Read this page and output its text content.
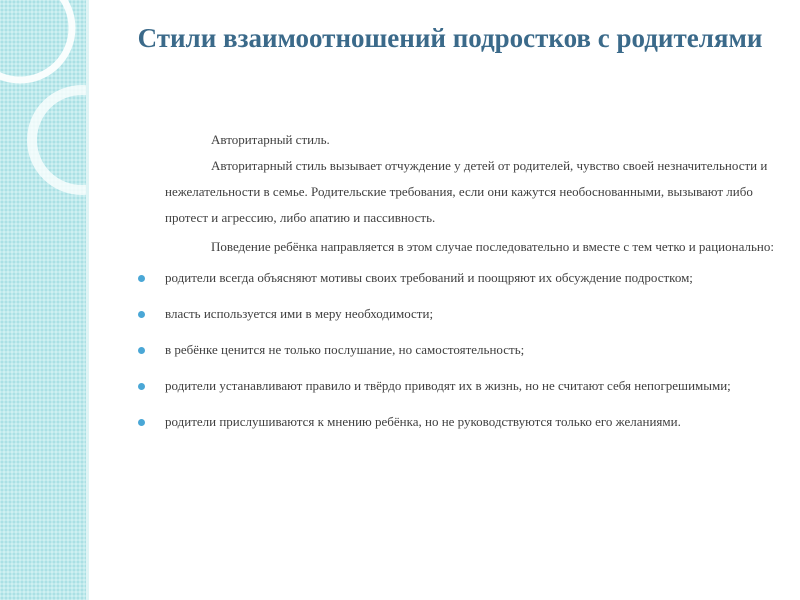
Стили взаимоотношений подростков с родителями

Авторитарный стиль.

Авторитарный стиль вызывает отчуждение у детей от родителей, чувство своей незначительности и нежелательности в семье. Родительские требования, если они кажутся необоснованными, вызывают либо протест и агрессию, либо апатию и пассивность.

Поведение ребёнка направляется в этом случае последовательно и вместе с тем четко и рационально:

родители всегда объясняют мотивы своих требований и поощряют их обсуждение подростком;
власть используется ими в меру необходимости;
в ребёнке ценится не только послушание, но самостоятельность;
родители устанавливают правило и твёрдо приводят их в жизнь, но не считают себя непогрешимыми;
родители прислушиваются к мнению ребёнка, но не руководствуются только его желаниями.
